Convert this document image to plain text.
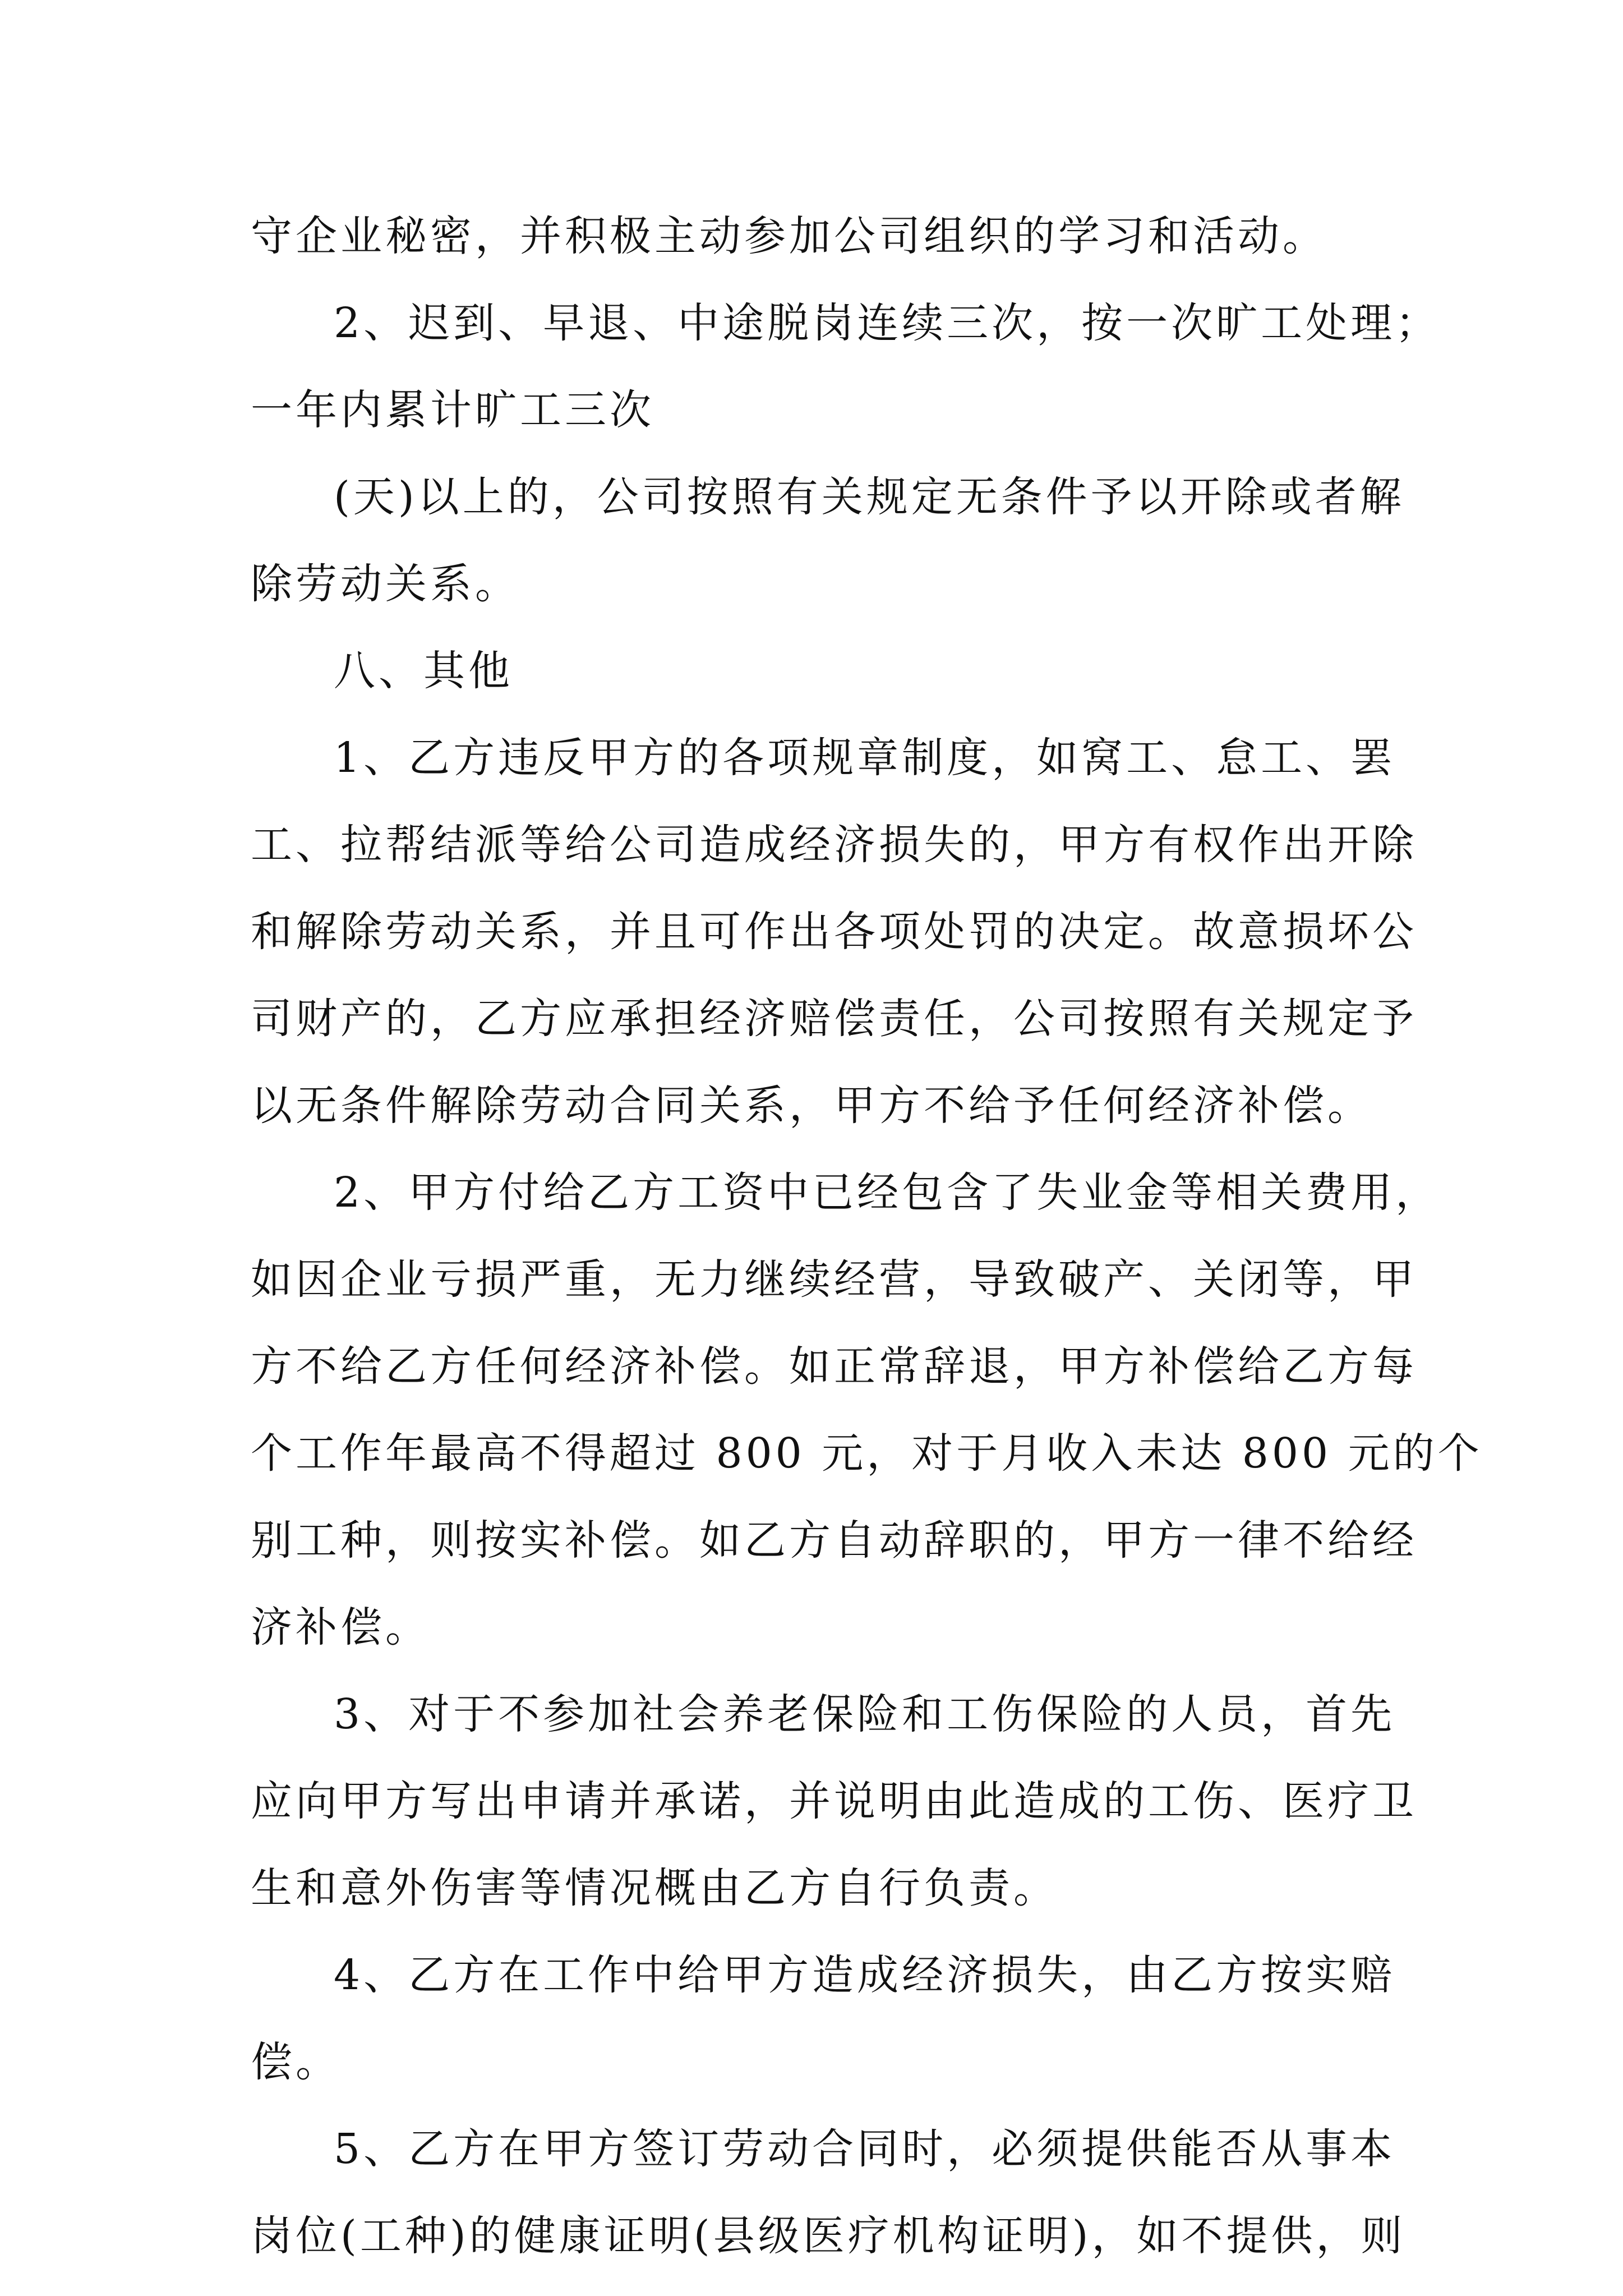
守企业秘密，并积极主动参加公司组织的学习和活动。
2、迟到、早退、中途脱岗连续三次，按一次旷工处理；
一年内累计旷工三次
(天)以上的，公司按照有关规定无条件予以开除或者解
除劳动关系。
八、其他
1、乙方违反甲方的各项规章制度，如窝工、怠工、罢
工、拉帮结派等给公司造成经济损失的，甲方有权作出开除
和解除劳动关系，并且可作出各项处罚的决定。故意损坏公
司财产的，乙方应承担经济赔偿责任，公司按照有关规定予
以无条件解除劳动合同关系，甲方不给予任何经济补偿。
2、甲方付给乙方工资中已经包含了失业金等相关费用，
如因企业亏损严重，无力继续经营，导致破产、关闭等，甲
方不给乙方任何经济补偿。如正常辞退，甲方补偿给乙方每
个工作年最高不得超过 800 元，对于月收入未达 800 元的个
别工种，则按实补偿。如乙方自动辞职的，甲方一律不给经
济补偿。
3、对于不参加社会养老保险和工伤保险的人员，首先
应向甲方写出申请并承诺，并说明由此造成的工伤、医疗卫
生和意外伤害等情况概由乙方自行负责。
4、乙方在工作中给甲方造成经济损失，由乙方按实赔
偿。
5、乙方在甲方签订劳动合同时，必须提供能否从事本
岗位(工种)的健康证明(县级医疗机构证明)，如不提供，则
